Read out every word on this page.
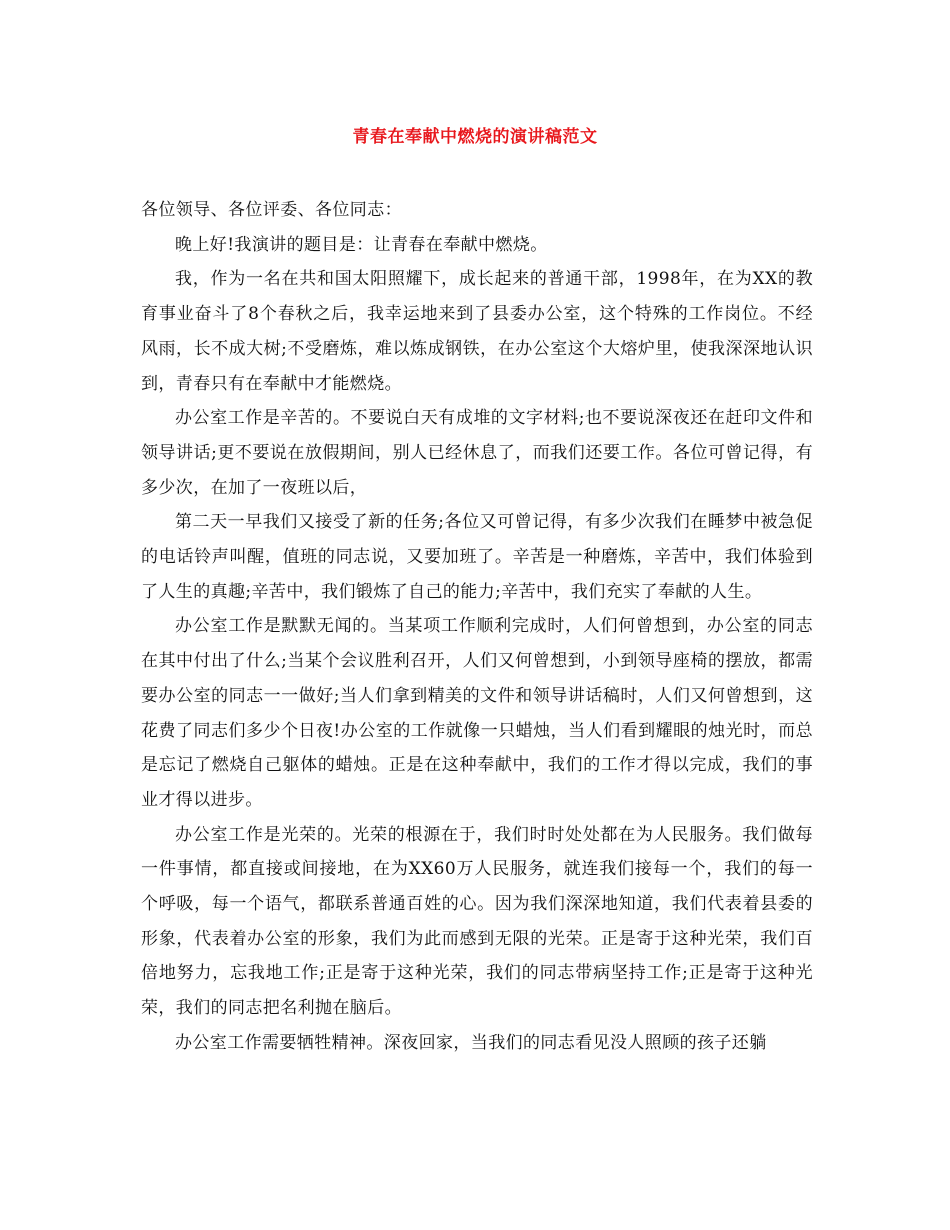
青春在奉献中燃烧的演讲稿范文

各位领导、各位评委、各位同志：

晚上好!我演讲的题目是：让青春在奉献中燃烧。

我，作为一名在共和国太阳照耀下，成长起来的普通干部，1998年，在为XX的教育事业奋斗了8个春秋之后，我幸运地来到了县委办公室，这个特殊的工作岗位。不经风雨，长不成大树;不受磨炼，难以炼成钢铁，在办公室这个大熔炉里，使我深深地认识到，青春只有在奉献中才能燃烧。

办公室工作是辛苦的。不要说白天有成堆的文字材料;也不要说深夜还在赶印文件和领导讲话;更不要说在放假期间，别人已经休息了，而我们还要工作。各位可曾记得，有多少次，在加了一夜班以后，

第二天一早我们又接受了新的任务;各位又可曾记得，有多少次我们在睡梦中被急促的电话铃声叫醒，值班的同志说，又要加班了。辛苦是一种磨炼，辛苦中，我们体验到了人生的真趣;辛苦中，我们锻炼了自己的能力;辛苦中，我们充实了奉献的人生。

办公室工作是默默无闻的。当某项工作顺利完成时，人们何曾想到，办公室的同志在其中付出了什么;当某个会议胜利召开，人们又何曾想到，小到领导座椅的摆放，都需要办公室的同志一一做好;当人们拿到精美的文件和领导讲话稿时，人们又何曾想到，这花费了同志们多少个日夜!办公室的工作就像一只蜡烛，当人们看到耀眼的烛光时，而总是忘记了燃烧自己躯体的蜡烛。正是在这种奉献中，我们的工作才得以完成，我们的事业才得以进步。

办公室工作是光荣的。光荣的根源在于，我们时时处处都在为人民服务。我们做每一件事情，都直接或间接地，在为XX60万人民服务，就连我们接每一个，我们的每一个呼吸，每一个语气，都联系普通百姓的心。因为我们深深地知道，我们代表着县委的形象，代表着办公室的形象，我们为此而感到无限的光荣。正是寄于这种光荣，我们百倍地努力，忘我地工作;正是寄于这种光荣，我们的同志带病坚持工作;正是寄于这种光荣，我们的同志把名利抛在脑后。

办公室工作需要牺牲精神。深夜回家，当我们的同志看见没人照顾的孩子还躺
